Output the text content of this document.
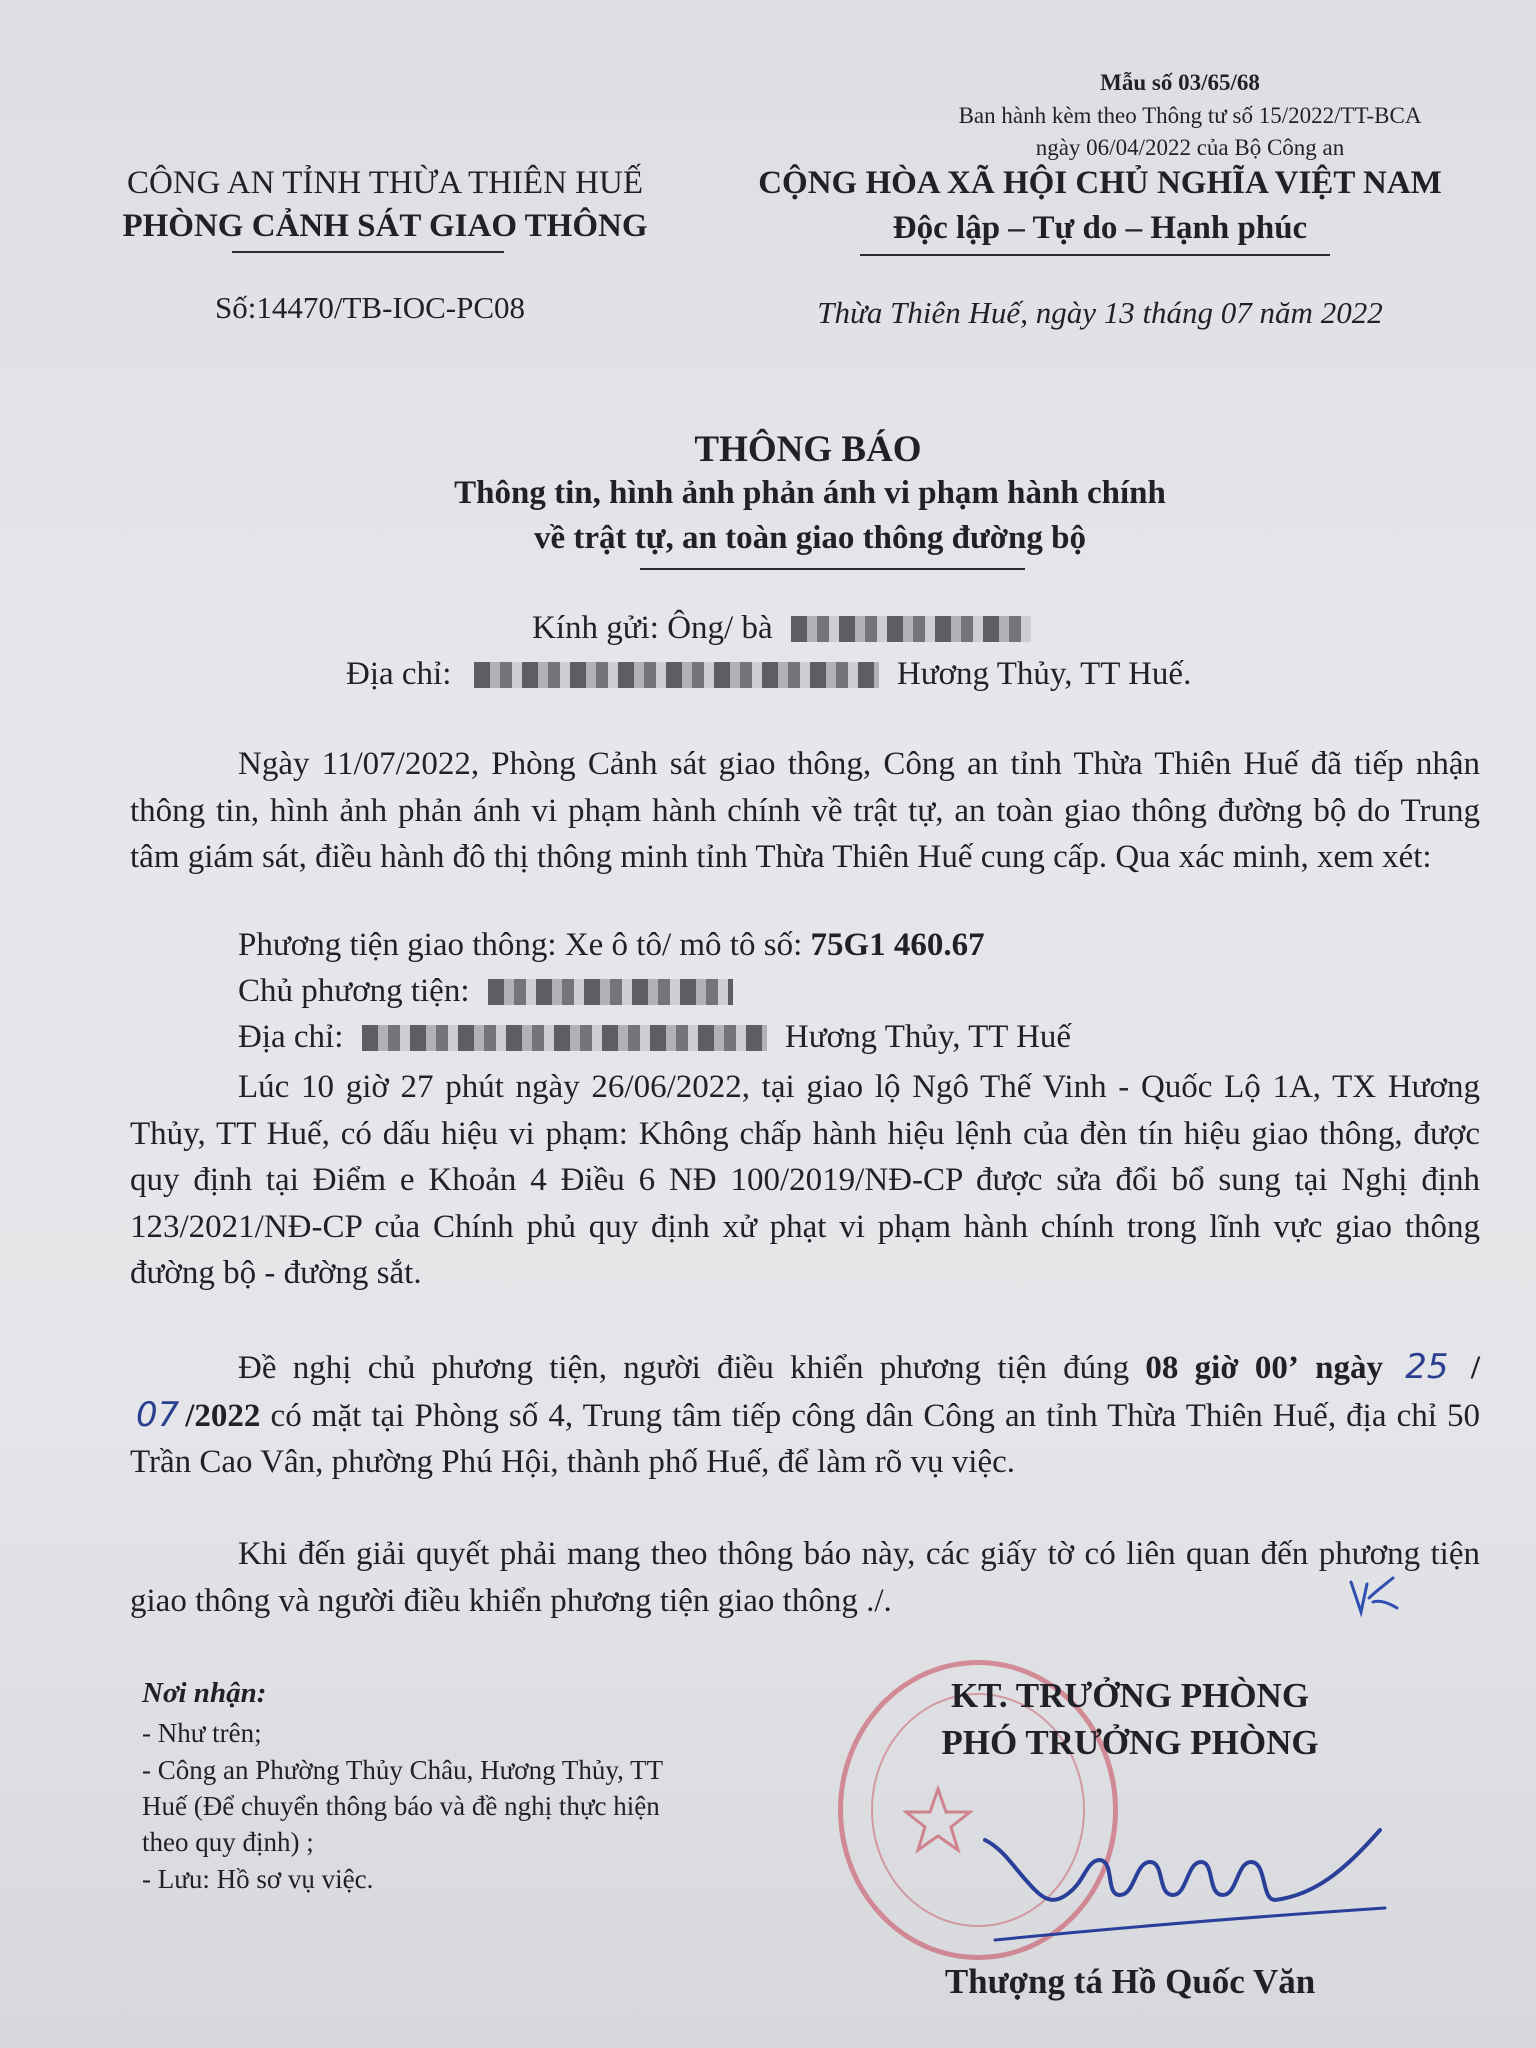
Mẫu số 03/65/68
Ban hành kèm theo Thông tư số 15/2022/TT-BCA
ngày 06/04/2022 của Bộ Công an
CÔNG AN TỈNH THỪA THIÊN HUẾ
PHÒNG CẢNH SÁT GIAO THÔNG
Số:14470/TB-IOC-PC08
CỘNG HÒA XÃ HỘI CHỦ NGHĨA VIỆT NAM
Độc lập – Tự do – Hạnh phúc
Thừa Thiên Huế, ngày 13 tháng 07 năm 2022
THÔNG BÁO
Thông tin, hình ảnh phản ánh vi phạm hành chính
về trật tự, an toàn giao thông đường bộ
Kính gửi: Ông/ bà
Địa chỉ:	Hương Thủy, TT Huế.
Ngày 11/07/2022, Phòng Cảnh sát giao thông, Công an tỉnh Thừa Thiên Huế đã tiếp nhận thông tin, hình ảnh phản ánh vi phạm hành chính về trật tự, an toàn giao thông đường bộ do Trung tâm giám sát, điều hành đô thị thông minh tỉnh Thừa Thiên Huế cung cấp. Qua xác minh, xem xét:
Phương tiện giao thông: Xe ô tô/ mô tô số: 75G1 460.67
Chủ phương tiện:
Địa chỉ:	Hương Thủy, TT Huế
Lúc 10 giờ 27 phút ngày 26/06/2022, tại giao lộ Ngô Thế Vinh - Quốc Lộ 1A, TX Hương Thủy, TT Huế, có dấu hiệu vi phạm: Không chấp hành hiệu lệnh của đèn tín hiệu giao thông, được quy định tại Điểm e Khoản 4 Điều 6 NĐ 100/2019/NĐ-CP được sửa đổi bổ sung tại Nghị định 123/2021/NĐ-CP của Chính phủ quy định xử phạt vi phạm hành chính trong lĩnh vực giao thông đường bộ - đường sắt.
Đề nghị chủ phương tiện, người điều khiển phương tiện đúng 08 giờ 00’ ngày 25 / 07 /2022 có mặt tại Phòng số 4, Trung tâm tiếp công dân Công an tỉnh Thừa Thiên Huế, địa chỉ 50 Trần Cao Vân, phường Phú Hội, thành phố Huế, để làm rõ vụ việc.
Khi đến giải quyết phải mang theo thông báo này, các giấy tờ có liên quan đến phương tiện giao thông và người điều khiển phương tiện giao thông ./.
Nơi nhận:
- Như trên;
- Công an Phường Thủy Châu, Hương Thủy, TT
Huế (Để chuyển thông báo và đề nghị thực hiện
theo quy định) ;
- Lưu: Hồ sơ vụ việc.
KT. TRƯỞNG PHÒNG
PHÓ TRƯỞNG PHÒNG
Thượng tá Hồ Quốc Văn
